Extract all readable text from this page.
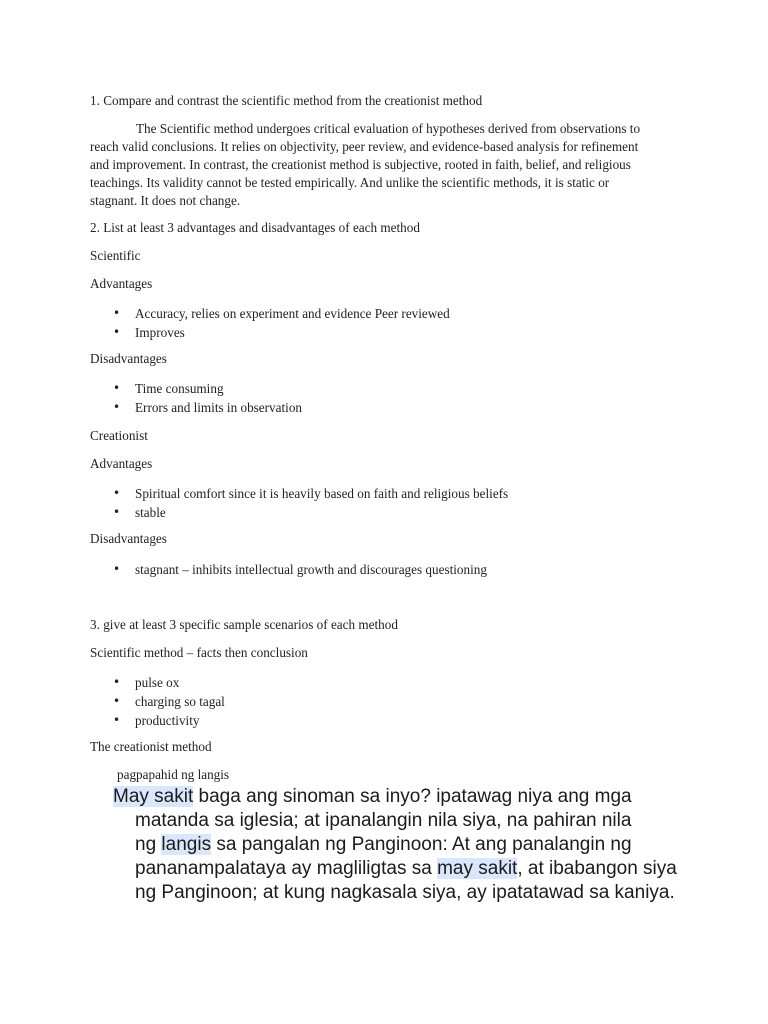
1. Compare and contrast the scientific method from the creationist method

The Scientific method undergoes critical evaluation of hypotheses derived from observations to
reach valid conclusions. It relies on objectivity, peer review, and evidence-based analysis for refinement
and improvement. In contrast, the creationist method is subjective, rooted in faith, belief, and religious
teachings. Its validity cannot be tested empirically. And unlike the scientific methods, it is static or
stagnant. It does not change.

2. List at least 3 advantages and disadvantages of each method

Scientific

Advantages

• Accuracy, relies on experiment and evidence Peer reviewed
• Improves

Disadvantages

• Time consuming
• Errors and limits in observation

Creationist

Advantages

• Spiritual comfort since it is heavily based on faith and religious beliefs
• stable

Disadvantages

• stagnant – inhibits intellectual growth and discourages questioning

3. give at least 3 specific sample scenarios of each method

Scientific method – facts then conclusion

• pulse ox
• charging so tagal
• productivity

The creationist method

pagpapahid ng langis

May sakit baga ang sinoman sa inyo? ipatawag niya ang mga
matanda sa iglesia; at ipanalangin nila siya, na pahiran nila
ng langis sa pangalan ng Panginoon: At ang panalangin ng
pananampalataya ay magliligtas sa may sakit, at ibabangon siya
ng Panginoon; at kung nagkasala siya, ay ipatatawad sa kaniya.
